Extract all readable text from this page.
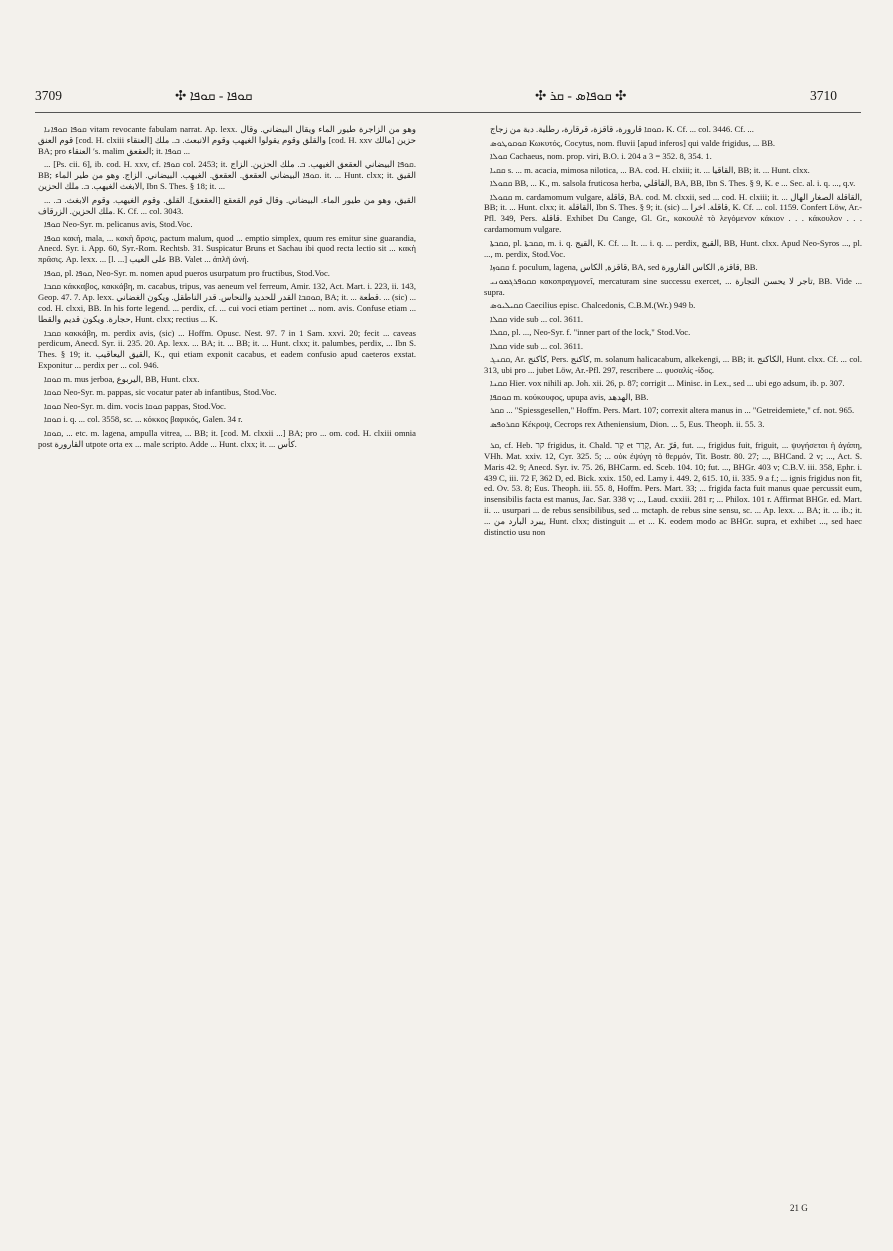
3709	✣ ܩܘܦܐ - ܩܘܦܐ	✣ ܩܘܦܐܣ - ܩܪ ✣	3710

ܩܘܦܐ ܩܘܦܐܢܐ vitam revocante fabulam narrat. Ap. lexx. وهو من الزاجرة طيور الماء ويقال البيضاني. وقال قوم العنق [cod. H. clxiii العنقاء] والقلق وقوم يقولوا الغيهب وقوم الانبعث. ܒ. ملك [cod. H. xxv مالك] حزين BA; pro العنقاء ʹs. malim العقعق; it. ܩܘܦܐ ...

... [Ps. cii. 6], ib. cod. H. xxv, cf. ܩܘܦܐ col. 2453; it. ܩܘܦܐ البيضاني العقعق الغيهب. ܒ. ملك الحزين. الزاج. BB; ܩܘܦܐ البيضاني العقعق. العقعق. الغيهب. البيضاني. الزاج. وهو من طير الماء. it. ... Hunt. clxx; it. القيق الابغث الغيهب. ܒ. ملك الحزين, Ibn S. Thes. § 18; it. ...

... القيق، وهو من طيور الماء. البيضاني. وقال قوم القعقع [العقعق]. القلق. وقوم الغيهب. وقوم الابغث. ܒ. ملك الحزين. الزرقاف. K. Cf. ... col. 3043.

ܩܘܦܐ Neo-Syr. m. pelicanus avis, Stod.Voc.

ܩܘܦܐ κακή, mala, ... κακὴ ἄρσις, pactum malum, quod ... emptio simplex, quum res emitur sine guarandia, Anecd. Syr. i. App. 60, Syr.-Rom. Rechtsb. 31. Suspicatur Bruns et Sachau ibi quod recta lectio sit ... κακὴ πρᾶσις. Ap. lexx. ... [l. ...] على العيب BB. Valet ... ἀπλῆ ὠνή.

ܩܘܦܐ, pl. ܩܘܦܐ, Neo-Syr. m. nomen apud pueros usurpatum pro fructibus, Stod.Voc.

ܩܩܒܐ κάκκαβος, κακκάβη, m. cacabus, tripus, vas aeneum vel ferreum, Amir. 132, Act. Mart. i. 223, ii. 143, Geop. 47. 7. Ap. lexx. ܩܘܩܒܐ القدر للحديد والنحاس. قدر الناطقل. ويكون الغضاني, BA; it. ... قطعة. ... (sic) ... cod. H. clxxi, BB. In his forte legend. ... perdix, cf. ... cui voci etiam pertinet ... nom. avis. Confuse etiam ... حجارة. ويكون قديم والقطا, Hunt. clxx; rectius ... K.

ܩܩܒܐ κακκάβη, m. perdix avis, (sic) ... Hoffm. Opusc. Nest. 97. 7 in 1 Sam. xxvi. 20; fecit ... caveas perdicum, Anecd. Syr. ii. 235. 20. Ap. lexx. ... BA; it. ... BB; it. ... Hunt. clxx; it. palumbes, perdix, ... Ibn S. Thes. § 19; it. القيق اليعاقيب, K., qui etiam exponit cacabus, et eadem confusio apud caeteros exstat. Exponitur ... perdix per ... col. 946.

ܩܘܩܐ m. mus jerboa, اليربوع, BB, Hunt. clxx.

ܩܘܩܐ Neo-Syr. m. pappas, sic vocatur pater ab infantibus, Stod.Voc.

ܩܘܩܐ Neo-Syr. m. dim. vocis ܩܘܩܐ pappas, Stod.Voc.

ܩܘܩܐ i. q. ... col. 3558, sc. ... κόκκος βαφικός, Galen. 34 r.

ܩܘܩܐ, ... etc. m. lagena, ampulla vitrea, ... BB; it. [cod. M. clxxii ...] BA; pro ... om. cod. H. clxiii omnia post القارورة utpote orta ex ... male scripto. Adde ... Hunt. clxx; it. ... كأس.

ܩܘܩܐ قارورة، قاقزة، قرقارة، رطلية. دبة من زجاج، K. Cf. ... col. 3446. Cf. ...

ܩܘܩܘܛܘܣ Κωκυτός, Cocytus, nom. fluvii [apud inferos] qui valde frigidus, ... BB.

ܩܘܠܐ Cachaeus, nom. prop. viri, B.O. i. 204 a 3 = 352. 8, 354. 1.

ܩܩܝܐ s. ... m. acacia, mimosa nilotica, ... BA. cod. H. clxiii; it. ... القاقيا, BB; it. ... Hunt. clxx.

ܩܩܘܠܐ BB, ... K., m. salsola fruticosa herba, القاقلي, BA, BB, Ibn S. Thes. § 9, K. e ... Sec. al. i. q. ..., q.v.

ܩܩܘܠܐ m. cardamomum vulgare, قاقلة, BA. cod. M. clxxii, sed ... cod. H. clxiii; it. ... القاقلة الصغار الهال, BB; it. ... Hunt. clxx; it. القاقلة, Ibn S. Thes. § 9; it. (sic) ... قاقلة. اخرا, K. Cf. ... col. 1159. Confert Löw, Ar.-Pfl. 349, Pers. قاقلة. Exhibet Du Cange, Gl. Gr., κακουλὲ τὸ λεγόμενον κάκιον . . . κάκουλον . . . cardamomum vulgare.

ܩܩܒܬܐ, pl. ܩܩܒܬܐ, m. i. q. القبج, K. Cf. ... It. ... i. q. ... perdix, القبج, BB, Hunt. clxx. Apud Neo-Syros ..., pl. ..., m. perdix, Stod.Voc.

ܩܩܘܙܐ f. poculum, lagena, قاقزة, الكاس, BA, sed قاقزة, الكاس القارورة, BB.

ܩܩܘܦܪܓܡܘܢܝ κακοπραγμονεῖ, mercaturam sine successu exercet, ... تاجر لا يحسن التجارة, BB. Vide ... supra.

ܩܩܝܠܝܘܣ Caecilius episc. Chalcedonis, C.B.M.(Wr.) 949 b.

ܩܩܠܐ vide sub ... col. 3611.

ܩܩܠܐ, pl. ..., Neo-Syr. f. "inner part of the lock," Stod.Voc.

ܩܩܠܐ vide sub ... col. 3611.

ܩܩܢܓ, Ar. كاكنج, Pers. كاكنج, m. solanum halicacabum, alkekengi, ... BB; it. الكاكنج, Hunt. clxx. Cf. ... col. 313, ubi pro ... jubet Löw, Ar.-Pfl. 297, rescribere ... φυσαλίς -ίδος.

ܩܩܢܐ Hier. vox nihili ap. Joh. xii. 26, p. 87; corrigit ... Minisc. in Lex., sed ... ubi ego adsum, ib. p. 307.

ܩܘܩܦܐ m. κούκουφος, upupa avis, الهدهد, BB.

ܩܩܪ ... "Spiessgesellen," Hoffm. Pers. Mart. 107; correxit altera manus in ... "Getreidemiete," cf. not. 965.

ܩܩܪܘܦܣ Κέκροψ, Cecrops rex Atheniensium, Dion. ... 5, Eus. Theoph. ii. 55. 3.

ܩܪ, cf. Heb. קר frigidus, it. Chald. קַר et קָרַר, Ar. قرّ, fut. ..., frigidus fuit, friguit, ... ψυγήσεται ἡ ἀγάπη, VHh. Mat. xxiv. 12, Cyr. 325. 5; ... οὐκ ἐψύγη τὸ θερμόν, Tit. Bostr. 80. 27; ..., BHCand. 2 v; ..., Act. S. Maris 42. 9; Anecd. Syr. iv. 75. 26, BHCarm. ed. Sceb. 104. 10; fut. ..., BHGr. 403 v; C.B.V. iii. 358, Ephr. i. 439 C, iii. 72 F, 362 D, ed. Bick. xxix. 150, ed. Lamy i. 449. 2, 615. 10, ii. 335. 9 a f.; ... ignis frigidus non fit, ed. Ov. 53. 8; Eus. Theoph. iii. 55. 8, Hoffm. Pers. Mart. 33; ... frigida facta fuit manus quae percussit eum, insensibilis facta est manus, Jac. Sar. 338 v; ..., Laud. cxxiii. 281 r; ... Philox. 101 r. Affirmat BHGr. ed. Mart. ii. ... usurpari ... de rebus sensibilibus, sed ... mctaph. de rebus sine sensu, sc. ... Ap. lexx. ... BA; it. ... ib.; it. ... يبرد البارد من, Hunt. clxx; distinguit ... et ... K. eodem modo ac BHGr. supra, et exhibet ..., sed haec distinctio usu non

21 G
